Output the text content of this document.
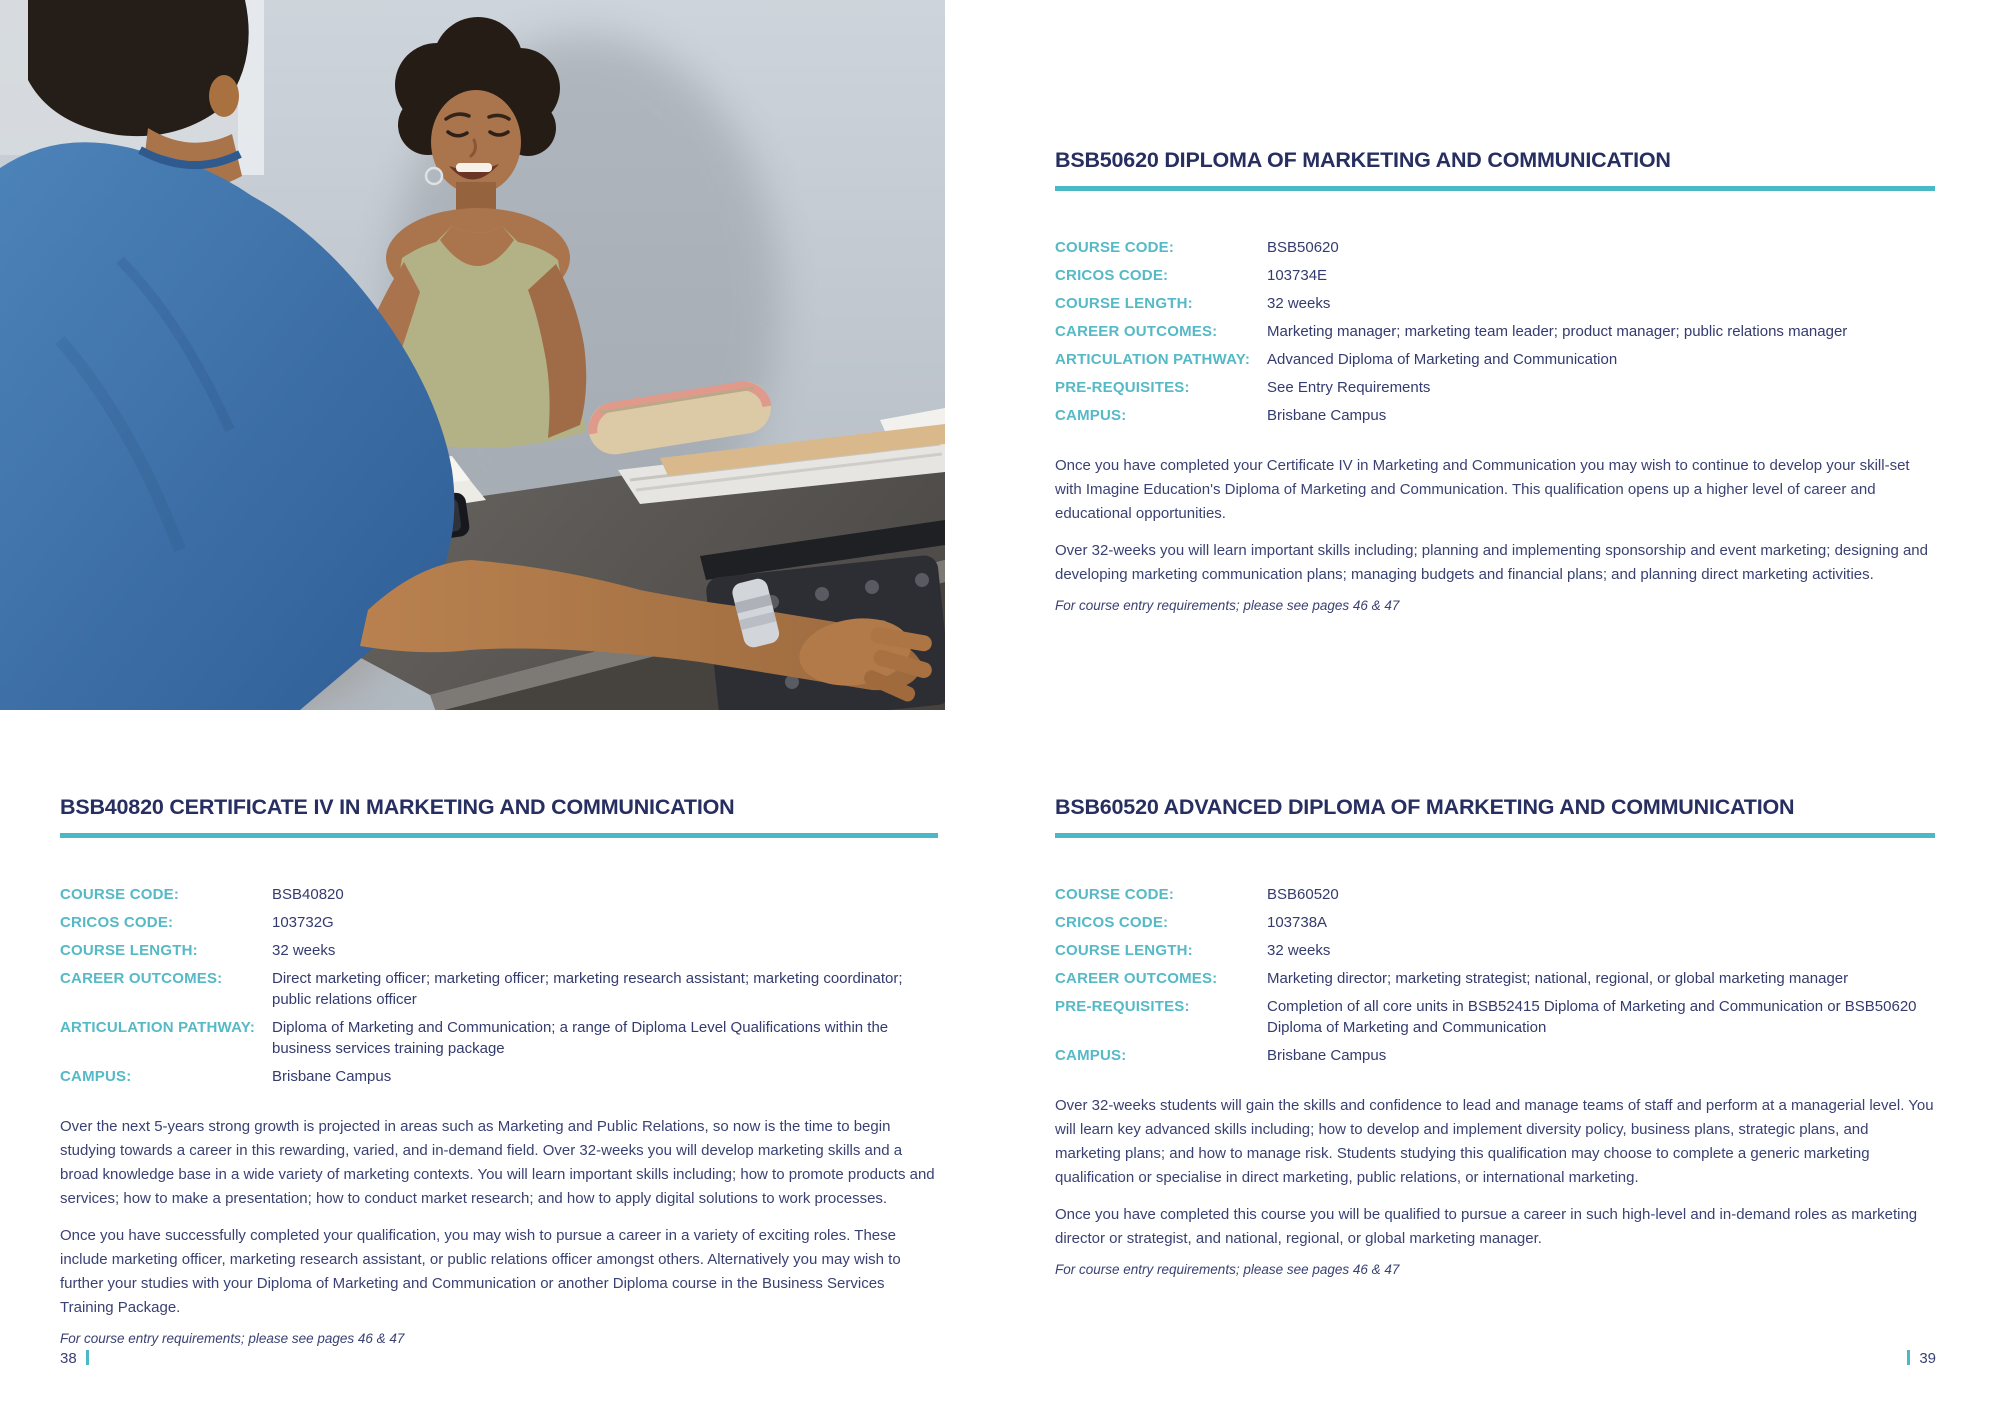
BSB50620 DIPLOMA OF MARKETING AND COMMUNICATION
COURSE CODE:	BSB50620
CRICOS CODE:	103734E
COURSE LENGTH:	32 weeks
CAREER OUTCOMES:	Marketing manager; marketing team leader; product manager; public relations manager
ARTICULATION PATHWAY:	Advanced Diploma of Marketing and Communication
PRE-REQUISITES:	See Entry Requirements
CAMPUS:	Brisbane Campus

Once you have completed your Certificate IV in Marketing and Communication you may wish to continue to develop your skill-set with Imagine Education's Diploma of Marketing and Communication. This qualification opens up a higher level of career and educational opportunities.

Over 32-weeks you will learn important skills including; planning and implementing sponsorship and event marketing; designing and developing marketing communication plans; managing budgets and financial plans; and planning direct marketing activities.

For course entry requirements; please see pages 46 & 47

BSB40820 CERTIFICATE IV IN MARKETING AND COMMUNICATION
COURSE CODE:	BSB40820
CRICOS CODE:	103732G
COURSE LENGTH:	32 weeks
CAREER OUTCOMES:	Direct marketing officer; marketing officer; marketing research assistant; marketing coordinator; public relations officer
ARTICULATION PATHWAY:	Diploma of Marketing and Communication; a range of Diploma Level Qualifications within the business services training package
CAMPUS:	Brisbane Campus

Over the next 5-years strong growth is projected in areas such as Marketing and Public Relations, so now is the time to begin studying towards a career in this rewarding, varied, and in-demand field. Over 32-weeks you will develop marketing skills and a broad knowledge base in a wide variety of marketing contexts. You will learn important skills including; how to promote products and services; how to make a presentation; how to conduct market research; and how to apply digital solutions to work processes.

Once you have successfully completed your qualification, you may wish to pursue a career in a variety of exciting roles. These include marketing officer, marketing research assistant, or public relations officer amongst others. Alternatively you may wish to further your studies with your Diploma of Marketing and Communication or another Diploma course in the Business Services Training Package.

For course entry requirements; please see pages 46 & 47

BSB60520 ADVANCED DIPLOMA OF MARKETING AND COMMUNICATION
COURSE CODE:	BSB60520
CRICOS CODE:	103738A
COURSE LENGTH:	32 weeks
CAREER OUTCOMES:	Marketing director; marketing strategist; national, regional, or global marketing manager
PRE-REQUISITES:	Completion of all core units in BSB52415 Diploma of Marketing and Communication or BSB50620 Diploma of Marketing and Communication
CAMPUS:	Brisbane Campus

Over 32-weeks students will gain the skills and confidence to lead and manage teams of staff and perform at a managerial level. You will learn key advanced skills including; how to develop and implement diversity policy, business plans, strategic plans, and marketing plans; and how to manage risk. Students studying this qualification may choose to complete a generic marketing qualification or specialise in direct marketing, public relations, or international marketing.

Once you have completed this course you will be qualified to pursue a career in such high-level and in-demand roles as marketing director or strategist, and national, regional, or global marketing manager.

For course entry requirements; please see pages 46 & 47

38	39
